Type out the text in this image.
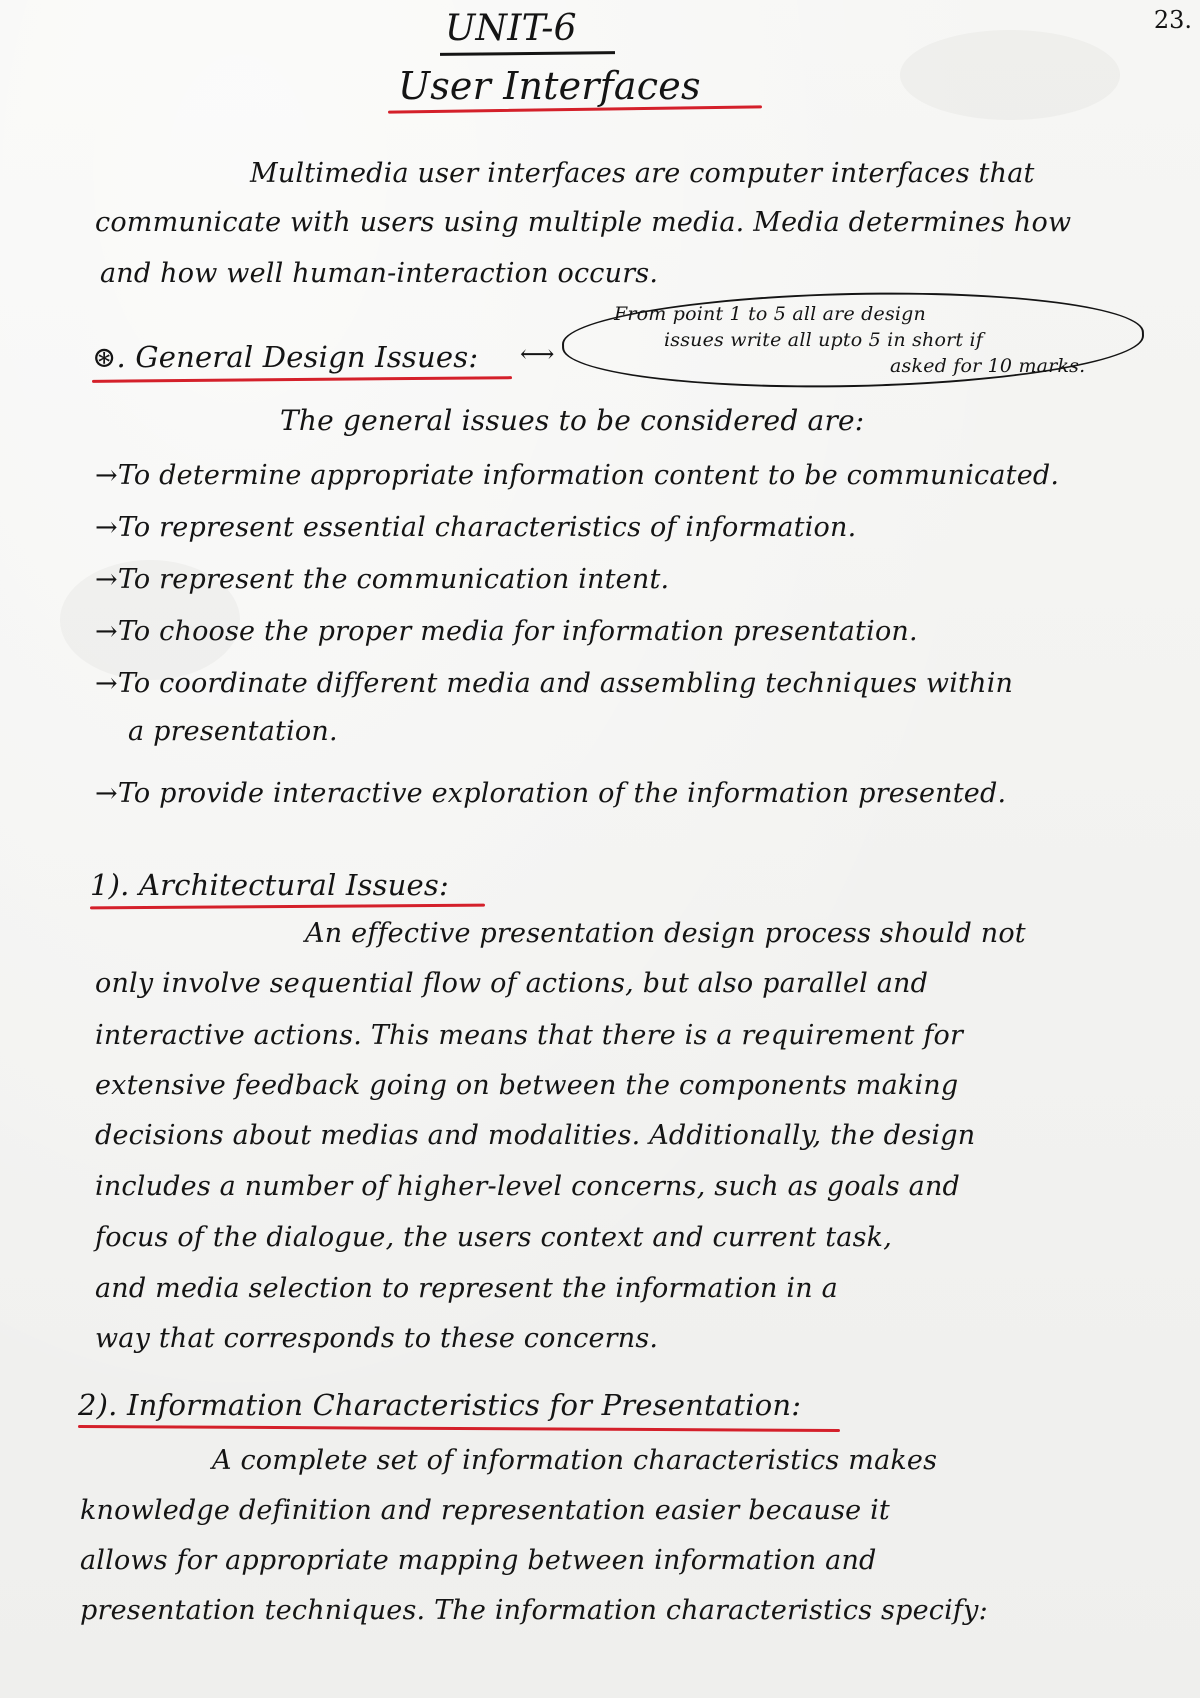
23.
UNIT-6
User Interfaces
Multimedia user interfaces are computer interfaces that
communicate with users using multiple media. Media determines how
and how well human-interaction occurs.
⊛. General Design Issues: ⟷
From point 1 to 5 all are design
issues write all upto 5 in short if
asked for 10 marks.
The general issues to be considered are:
→To determine appropriate information content to be communicated.
→To represent essential characteristics of information.
→To represent the communication intent.
→To choose the proper media for information presentation.
→To coordinate different media and assembling techniques within
a presentation.
→To provide interactive exploration of the information presented.
1). Architectural Issues:
An effective presentation design process should not
only involve sequential flow of actions, but also parallel and
interactive actions. This means that there is a requirement for
extensive feedback going on between the components making
decisions about medias and modalities. Additionally, the design
includes a number of higher-level concerns, such as goals and
focus of the dialogue, the users context and current task,
and media selection to represent the information in a
way that corresponds to these concerns.
2). Information Characteristics for Presentation:
A complete set of information characteristics makes
knowledge definition and representation easier because it
allows for appropriate mapping between information and
presentation techniques. The information characteristics specify:
